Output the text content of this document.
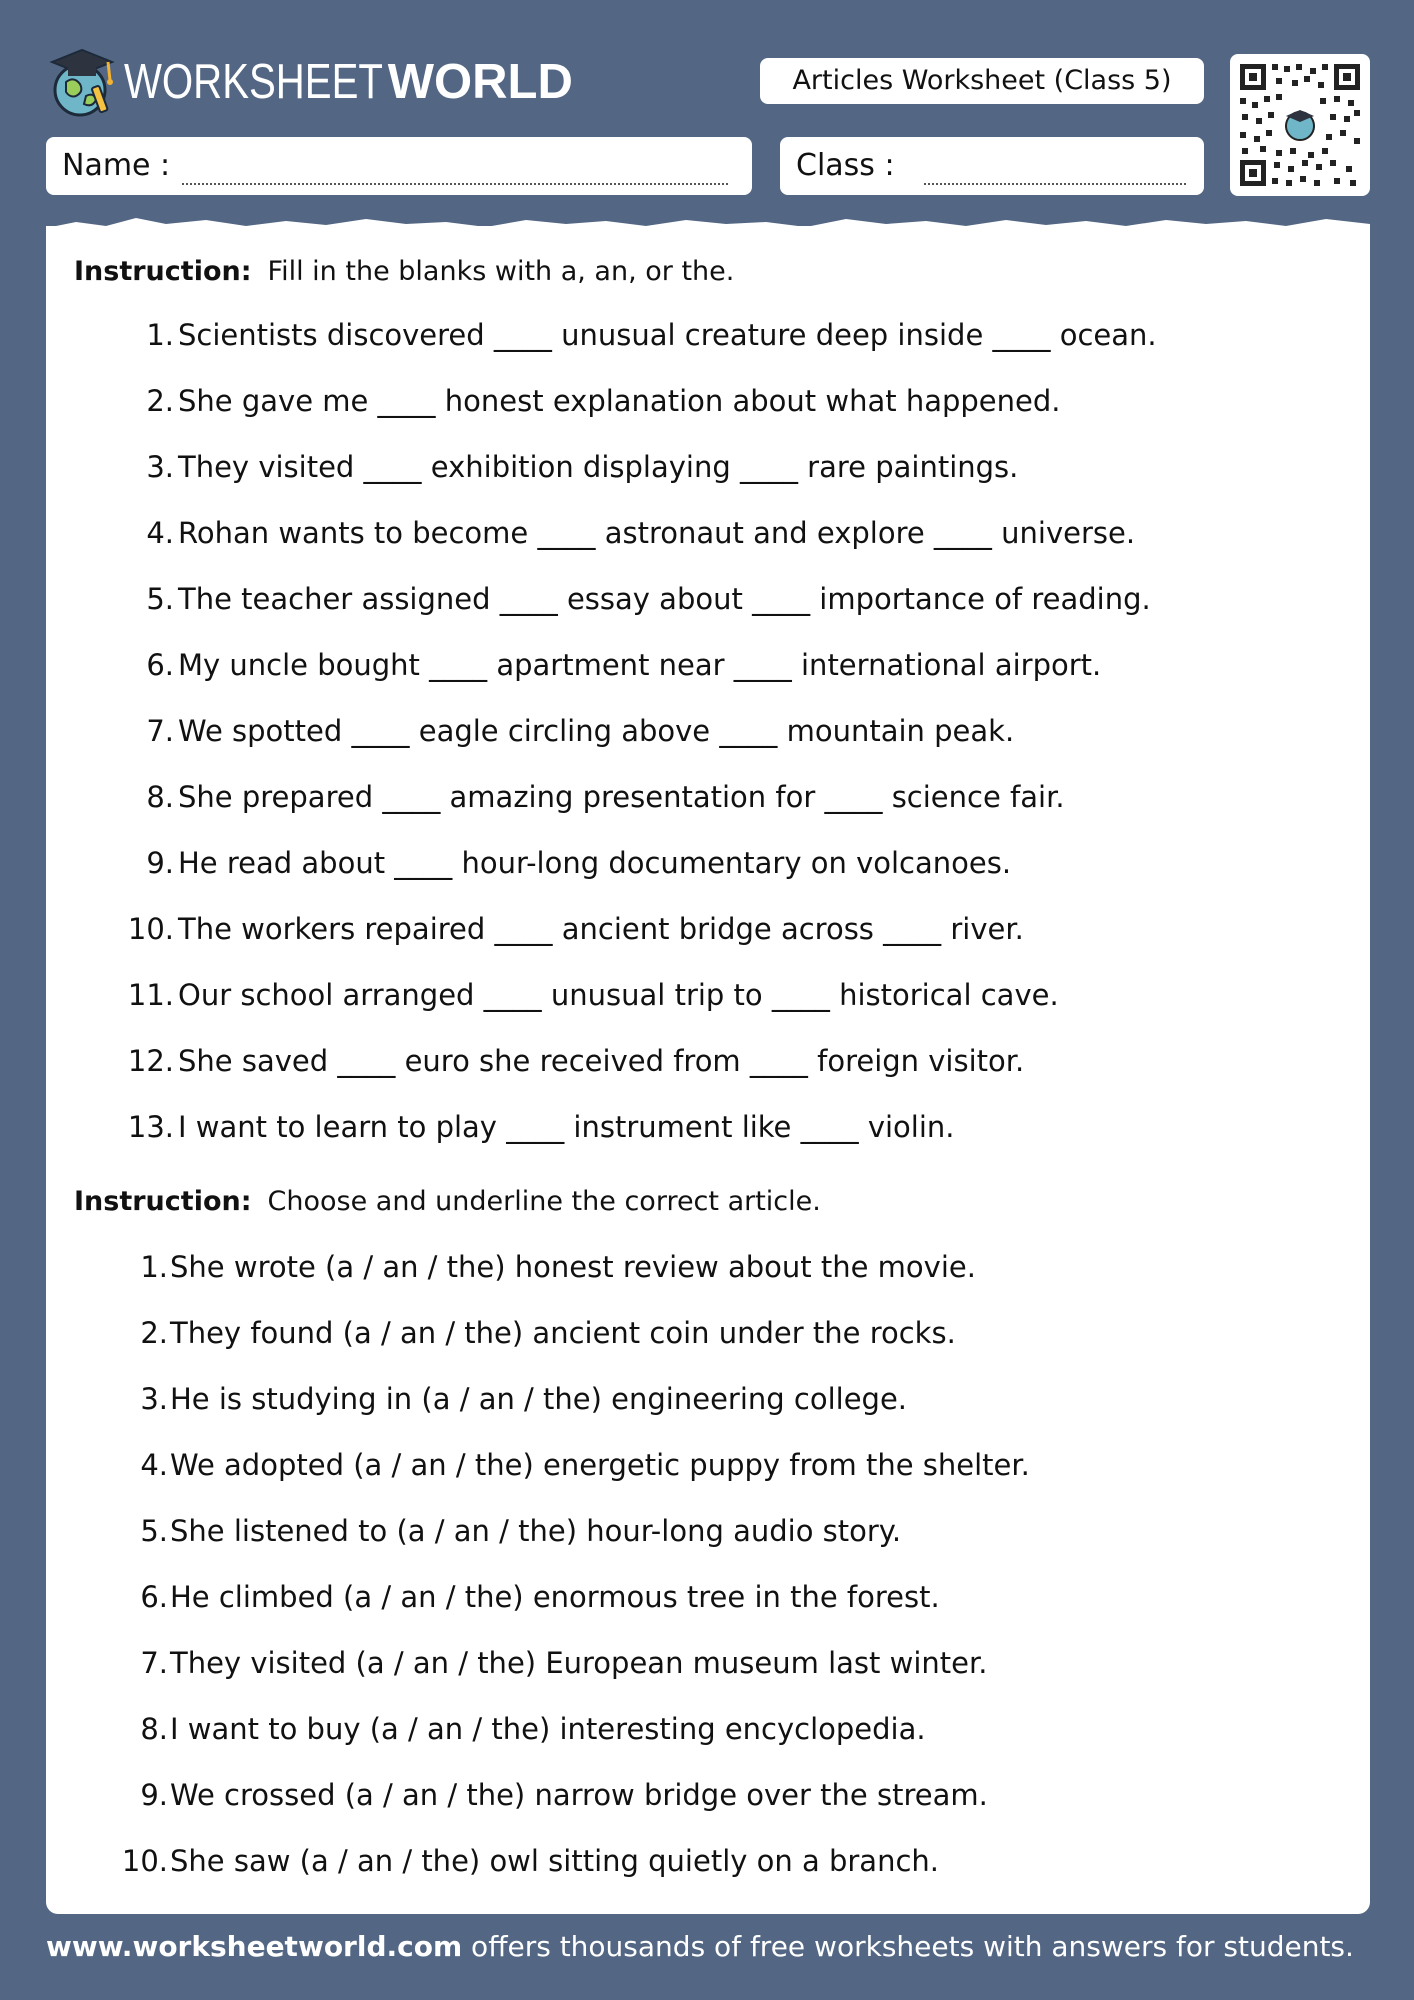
WORKSHEETWORLD	Articles Worksheet (Class 5)
Name :	Class :
Instruction: Fill in the blanks with a, an, or the.
1. Scientists discovered ____ unusual creature deep inside ____ ocean.
2. She gave me ____ honest explanation about what happened.
3. They visited ____ exhibition displaying ____ rare paintings.
4. Rohan wants to become ____ astronaut and explore ____ universe.
5. The teacher assigned ____ essay about ____ importance of reading.
6. My uncle bought ____ apartment near ____ international airport.
7. We spotted ____ eagle circling above ____ mountain peak.
8. She prepared ____ amazing presentation for ____ science fair.
9. He read about ____ hour-long documentary on volcanoes.
10. The workers repaired ____ ancient bridge across ____ river.
11. Our school arranged ____ unusual trip to ____ historical cave.
12. She saved ____ euro she received from ____ foreign visitor.
13. I want to learn to play ____ instrument like ____ violin.
Instruction: Choose and underline the correct article.
1. She wrote (a / an / the) honest review about the movie.
2. They found (a / an / the) ancient coin under the rocks.
3. He is studying in (a / an / the) engineering college.
4. We adopted (a / an / the) energetic puppy from the shelter.
5. She listened to (a / an / the) hour-long audio story.
6. He climbed (a / an / the) enormous tree in the forest.
7. They visited (a / an / the) European museum last winter.
8. I want to buy (a / an / the) interesting encyclopedia.
9. We crossed (a / an / the) narrow bridge over the stream.
10. She saw (a / an / the) owl sitting quietly on a branch.
www.worksheetworld.com offers thousands of free worksheets with answers for students.
